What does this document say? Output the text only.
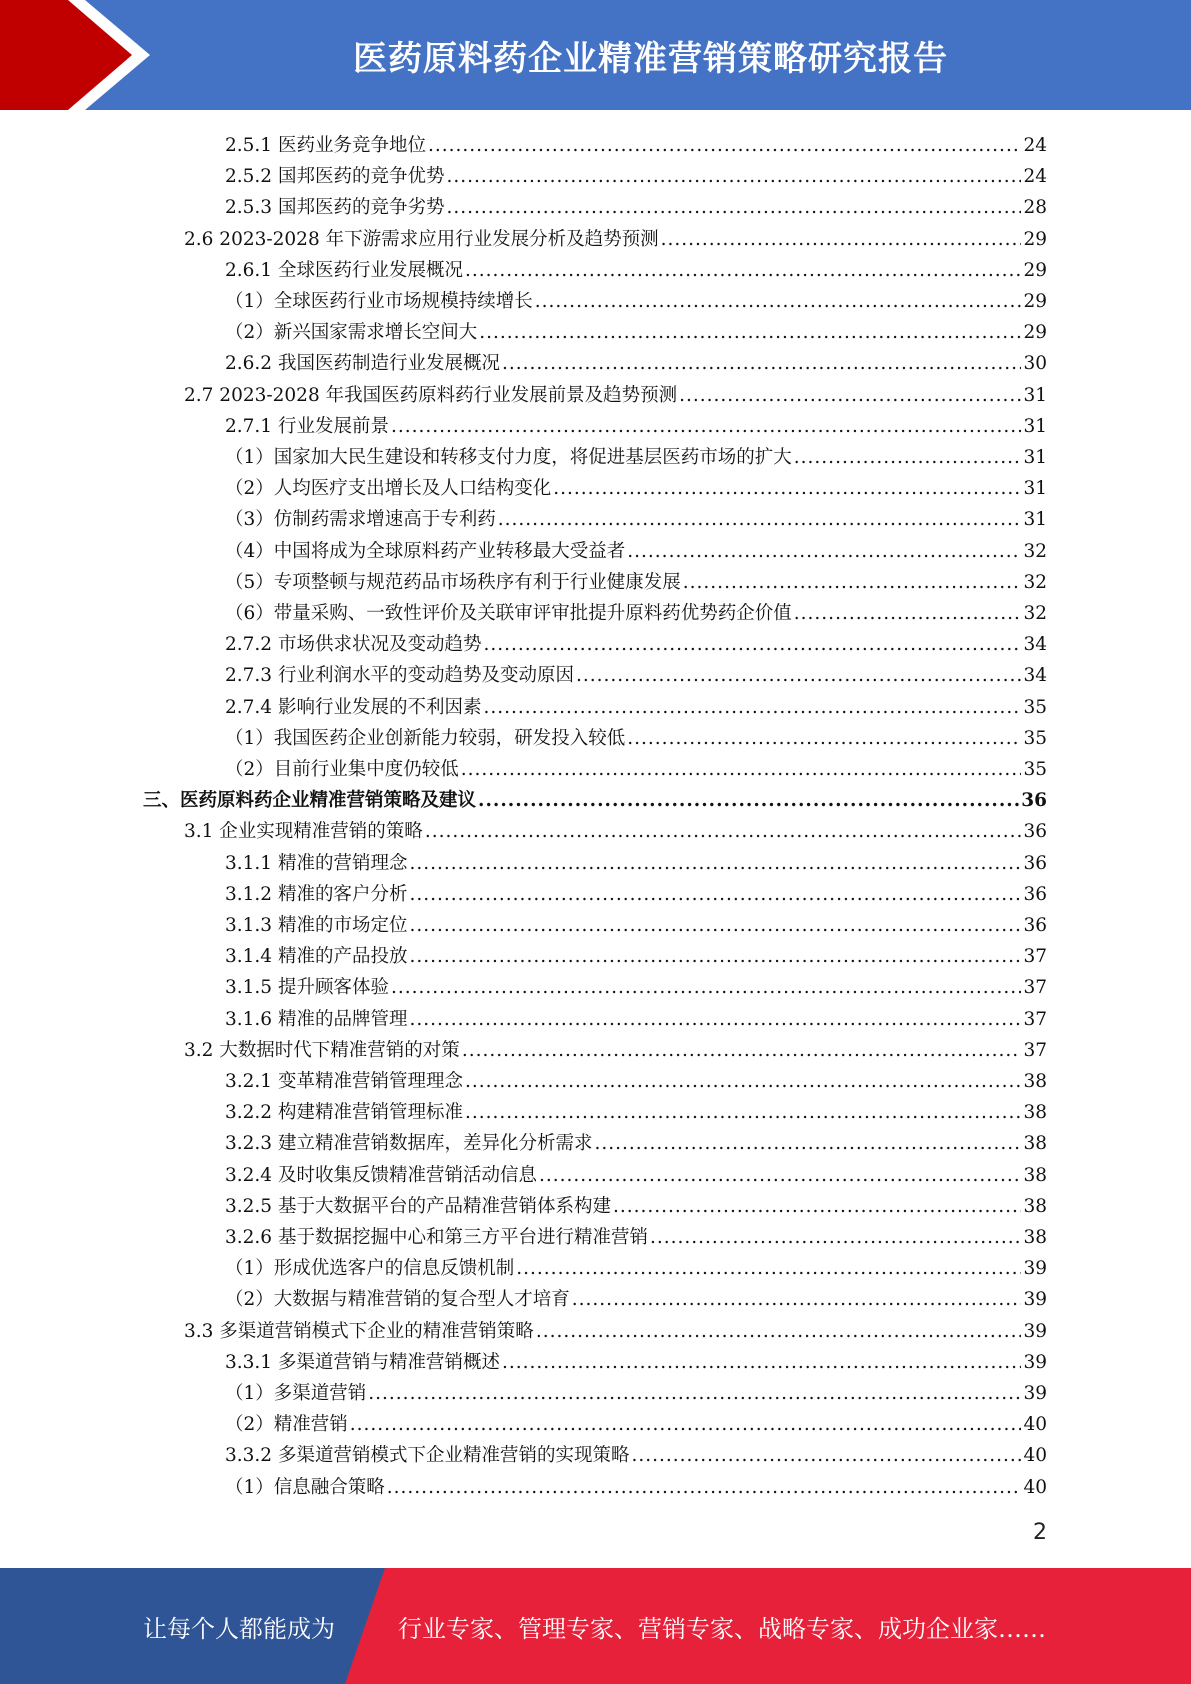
医药原料药企业精准营销策略研究报告
2.5.1 医药业务竞争地位 .....	24
2.5.2 国邦医药的竞争优势 .....	24
2.5.3 国邦医药的竞争劣势 .....	28
2.6 2023-2028 年下游需求应用行业发展分析及趋势预测 .....	29
2.6.1 全球医药行业发展概况 .....	29
（1）全球医药行业市场规模持续增长 .....	29
（2）新兴国家需求增长空间大 .....	29
2.6.2 我国医药制造行业发展概况 .....	30
2.7 2023-2028 年我国医药原料药行业发展前景及趋势预测 .....	31
2.7.1 行业发展前景 .....	31
（1）国家加大民生建设和转移支付力度，将促进基层医药市场的扩大 .....	31
（2）人均医疗支出增长及人口结构变化 .....	31
（3）仿制药需求增速高于专利药 .....	31
（4）中国将成为全球原料药产业转移最大受益者 .....	32
（5）专项整顿与规范药品市场秩序有利于行业健康发展 .....	32
（6）带量采购、一致性评价及关联审评审批提升原料药优势药企价值 .....	32
2.7.2 市场供求状况及变动趋势 .....	34
2.7.3 行业利润水平的变动趋势及变动原因 .....	34
2.7.4 影响行业发展的不利因素 .....	35
（1）我国医药企业创新能力较弱，研发投入较低 .....	35
（2）目前行业集中度仍较低 .....	35
三、医药原料药企业精准营销策略及建议 .....	36
3.1 企业实现精准营销的策略 .....	36
3.1.1 精准的营销理念 .....	36
3.1.2 精准的客户分析 .....	36
3.1.3 精准的市场定位 .....	36
3.1.4 精准的产品投放 .....	37
3.1.5 提升顾客体验 .....	37
3.1.6 精准的品牌管理 .....	37
3.2 大数据时代下精准营销的对策 .....	37
3.2.1 变革精准营销管理理念 .....	38
3.2.2 构建精准营销管理标准 .....	38
3.2.3 建立精准营销数据库，差异化分析需求 .....	38
3.2.4 及时收集反馈精准营销活动信息 .....	38
3.2.5 基于大数据平台的产品精准营销体系构建 .....	38
3.2.6 基于数据挖掘中心和第三方平台进行精准营销 .....	38
（1）形成优选客户的信息反馈机制 .....	39
（2）大数据与精准营销的复合型人才培育 .....	39
3.3 多渠道营销模式下企业的精准营销策略 .....	39
3.3.1 多渠道营销与精准营销概述 .....	39
（1）多渠道营销 .....	39
（2）精准营销 .....	40
3.3.2 多渠道营销模式下企业精准营销的实现策略 .....	40
（1）信息融合策略 .....	40
2
让每个人都能成为	行业专家、管理专家、营销专家、战略专家、成功企业家……
